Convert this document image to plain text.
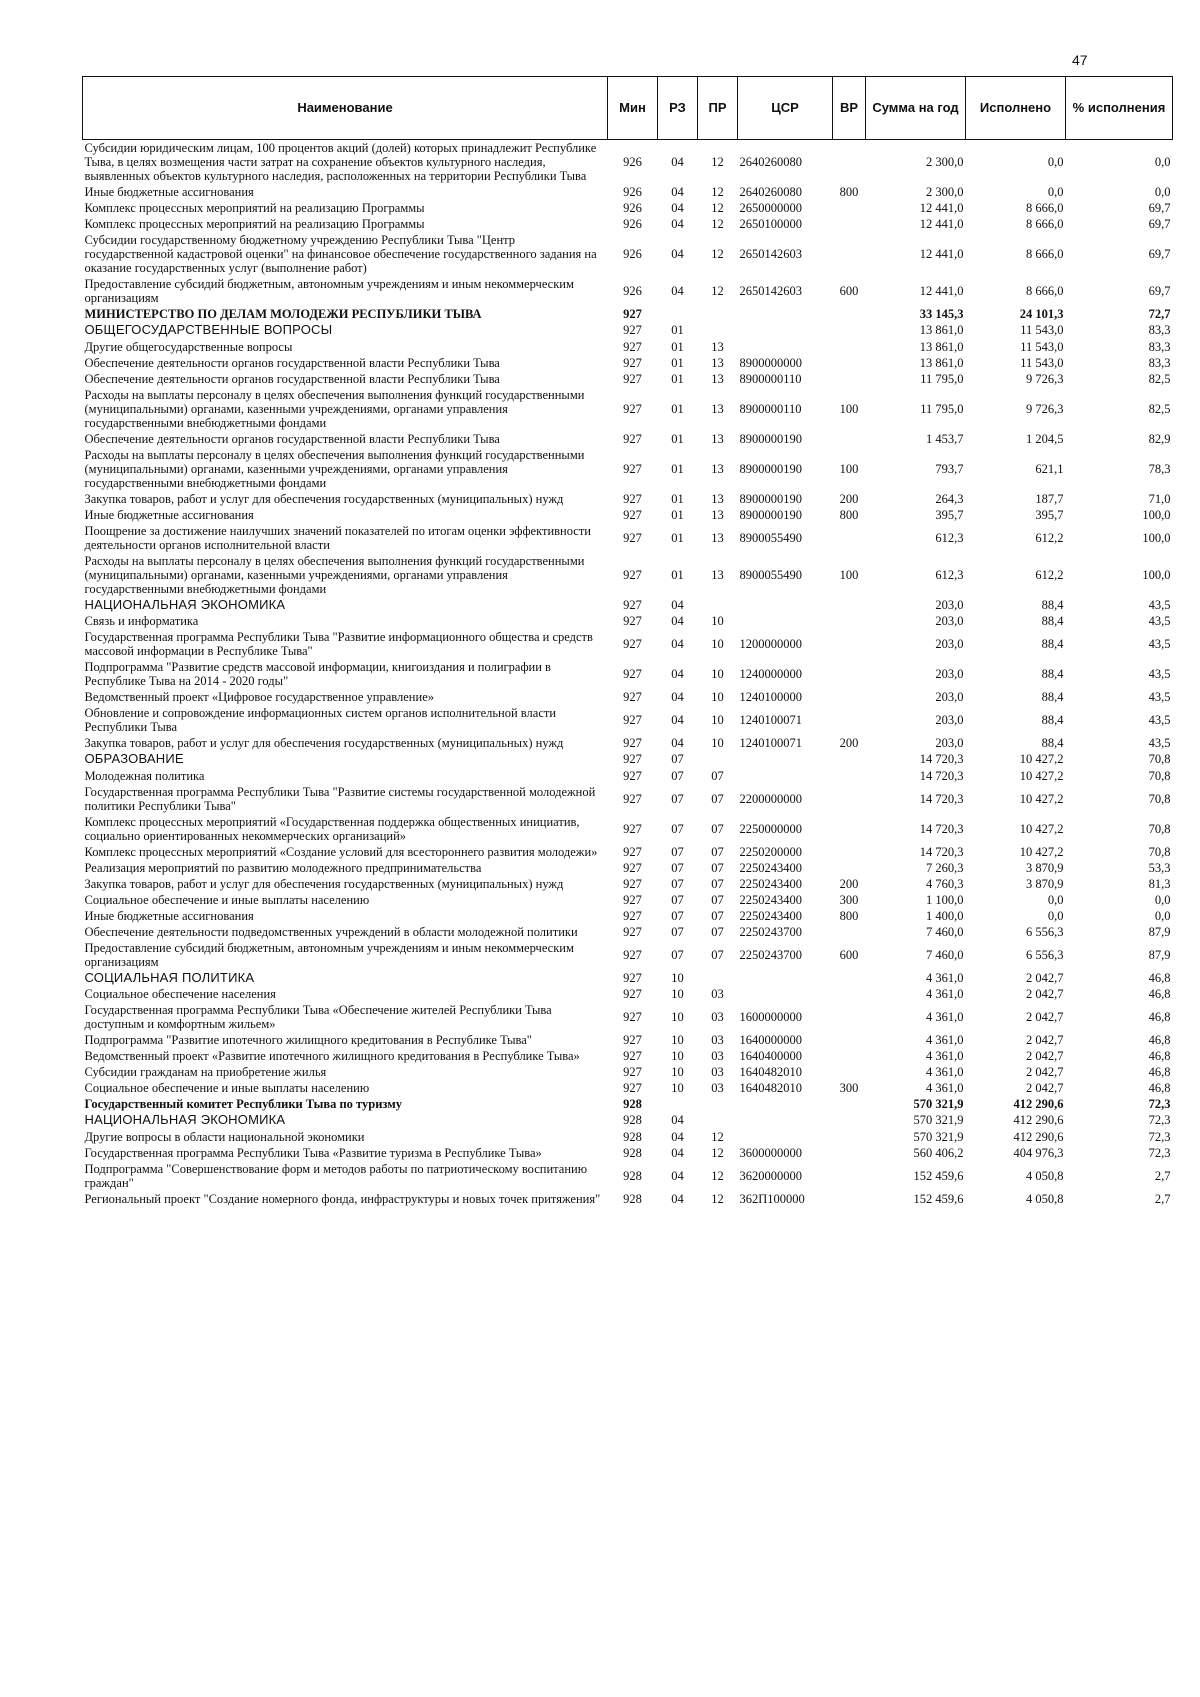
47
Наименование	Мин	РЗ	ПР	ЦСР	ВР	Сумма на год	Исполнено	% исполнения
Субсидии юридическим лицам, 100 процентов акций (долей) которых принадлежит Республике Тыва, в целях возмещения части затрат на сохранение объектов культурного наследия, выявленных объектов культурного наследия, расположенных на территории Республики Тыва	926	04	12	2640260080		2 300,0	0,0	0,0
Иные бюджетные ассигнования	926	04	12	2640260080	800	2 300,0	0,0	0,0
Комплекс процессных мероприятий на реализацию Программы	926	04	12	2650000000		12 441,0	8 666,0	69,7
Комплекс процессных мероприятий на реализацию Программы	926	04	12	2650100000		12 441,0	8 666,0	69,7
Субсидии государственному бюджетному учреждению Республики Тыва "Центр государственной кадастровой оценки" на финансовое обеспечение государственного задания на оказание государственных услуг (выполнение работ)	926	04	12	2650142603		12 441,0	8 666,0	69,7
Предоставление субсидий бюджетным, автономным учреждениям и иным некоммерческим организациям	926	04	12	2650142603	600	12 441,0	8 666,0	69,7
МИНИСТЕРСТВО ПО ДЕЛАМ МОЛОДЕЖИ РЕСПУБЛИКИ ТЫВА	927					33 145,3	24 101,3	72,7
ОБЩЕГОСУДАРСТВЕННЫЕ ВОПРОСЫ	927	01				13 861,0	11 543,0	83,3
Другие общегосударственные вопросы	927	01	13			13 861,0	11 543,0	83,3
Обеспечение деятельности органов государственной власти Республики Тыва	927	01	13	8900000000		13 861,0	11 543,0	83,3
Обеспечение деятельности органов государственной власти Республики Тыва	927	01	13	8900000110		11 795,0	9 726,3	82,5
Расходы на выплаты персоналу в целях обеспечения выполнения функций государственными (муниципальными) органами, казенными учреждениями, органами управления государственными внебюджетными фондами	927	01	13	8900000110	100	11 795,0	9 726,3	82,5
Обеспечение деятельности органов государственной власти Республики Тыва	927	01	13	8900000190		1 453,7	1 204,5	82,9
Расходы на выплаты персоналу в целях обеспечения выполнения функций государственными (муниципальными) органами, казенными учреждениями, органами управления государственными внебюджетными фондами	927	01	13	8900000190	100	793,7	621,1	78,3
Закупка товаров, работ и услуг для обеспечения государственных (муниципальных) нужд	927	01	13	8900000190	200	264,3	187,7	71,0
Иные бюджетные ассигнования	927	01	13	8900000190	800	395,7	395,7	100,0
Поощрение за достижение наилучших значений показателей по итогам оценки эффективности деятельности органов исполнительной власти	927	01	13	8900055490		612,3	612,2	100,0
Расходы на выплаты персоналу в целях обеспечения выполнения функций государственными (муниципальными) органами, казенными учреждениями, органами управления государственными внебюджетными фондами	927	01	13	8900055490	100	612,3	612,2	100,0
НАЦИОНАЛЬНАЯ ЭКОНОМИКА	927	04				203,0	88,4	43,5
Связь и информатика	927	04	10			203,0	88,4	43,5
Государственная программа Республики Тыва "Развитие информационного общества и средств массовой информации в Республике Тыва"	927	04	10	1200000000		203,0	88,4	43,5
Подпрограмма "Развитие средств массовой информации, книгоиздания и полиграфии в Республике Тыва на 2014 - 2020 годы"	927	04	10	1240000000		203,0	88,4	43,5
Ведомственный проект «Цифровое государственное управление»	927	04	10	1240100000		203,0	88,4	43,5
Обновление и сопровождение информационных систем органов исполнительной власти Республики Тыва	927	04	10	1240100071		203,0	88,4	43,5
Закупка товаров, работ и услуг для обеспечения государственных (муниципальных) нужд	927	04	10	1240100071	200	203,0	88,4	43,5
ОБРАЗОВАНИЕ	927	07				14 720,3	10 427,2	70,8
Молодежная политика	927	07	07			14 720,3	10 427,2	70,8
Государственная программа Республики Тыва "Развитие системы государственной молодежной политики Республики Тыва"	927	07	07	2200000000		14 720,3	10 427,2	70,8
Комплекс процессных мероприятий «Государственная поддержка общественных инициатив, социально ориентированных некоммерческих организаций»	927	07	07	2250000000		14 720,3	10 427,2	70,8
Комплекс процессных мероприятий «Создание условий для всестороннего развития молодежи»	927	07	07	2250200000		14 720,3	10 427,2	70,8
Реализация мероприятий по развитию молодежного предпринимательства	927	07	07	2250243400		7 260,3	3 870,9	53,3
Закупка товаров, работ и услуг для обеспечения государственных (муниципальных) нужд	927	07	07	2250243400	200	4 760,3	3 870,9	81,3
Социальное обеспечение и иные выплаты населению	927	07	07	2250243400	300	1 100,0	0,0	0,0
Иные бюджетные ассигнования	927	07	07	2250243400	800	1 400,0	0,0	0,0
Обеспечение деятельности подведомственных учреждений в области молодежной политики	927	07	07	2250243700		7 460,0	6 556,3	87,9
Предоставление субсидий бюджетным, автономным учреждениям и иным некоммерческим организациям	927	07	07	2250243700	600	7 460,0	6 556,3	87,9
СОЦИАЛЬНАЯ ПОЛИТИКА	927	10				4 361,0	2 042,7	46,8
Социальное обеспечение населения	927	10	03			4 361,0	2 042,7	46,8
Государственная программа Республики Тыва «Обеспечение жителей Республики Тыва доступным и комфортным жильем»	927	10	03	1600000000		4 361,0	2 042,7	46,8
Подпрограмма "Развитие ипотечного жилищного кредитования в Республике Тыва"	927	10	03	1640000000		4 361,0	2 042,7	46,8
Ведомственный проект «Развитие ипотечного жилищного кредитования в Республике Тыва»	927	10	03	1640400000		4 361,0	2 042,7	46,8
Субсидии гражданам на приобретение жилья	927	10	03	1640482010		4 361,0	2 042,7	46,8
Социальное обеспечение и иные выплаты населению	927	10	03	1640482010	300	4 361,0	2 042,7	46,8
Государственный комитет Республики Тыва по туризму	928					570 321,9	412 290,6	72,3
НАЦИОНАЛЬНАЯ ЭКОНОМИКА	928	04				570 321,9	412 290,6	72,3
Другие вопросы в области национальной экономики	928	04	12			570 321,9	412 290,6	72,3
Государственная программа Республики Тыва «Развитие туризма в Республике Тыва»	928	04	12	3600000000		560 406,2	404 976,3	72,3
Подпрограмма "Совершенствование форм и методов работы по патриотическому воспитанию граждан"	928	04	12	3620000000		152 459,6	4 050,8	2,7
Региональный проект "Создание номерного фонда, инфраструктуры и новых точек притяжения"	928	04	12	362П100000		152 459,6	4 050,8	2,7
